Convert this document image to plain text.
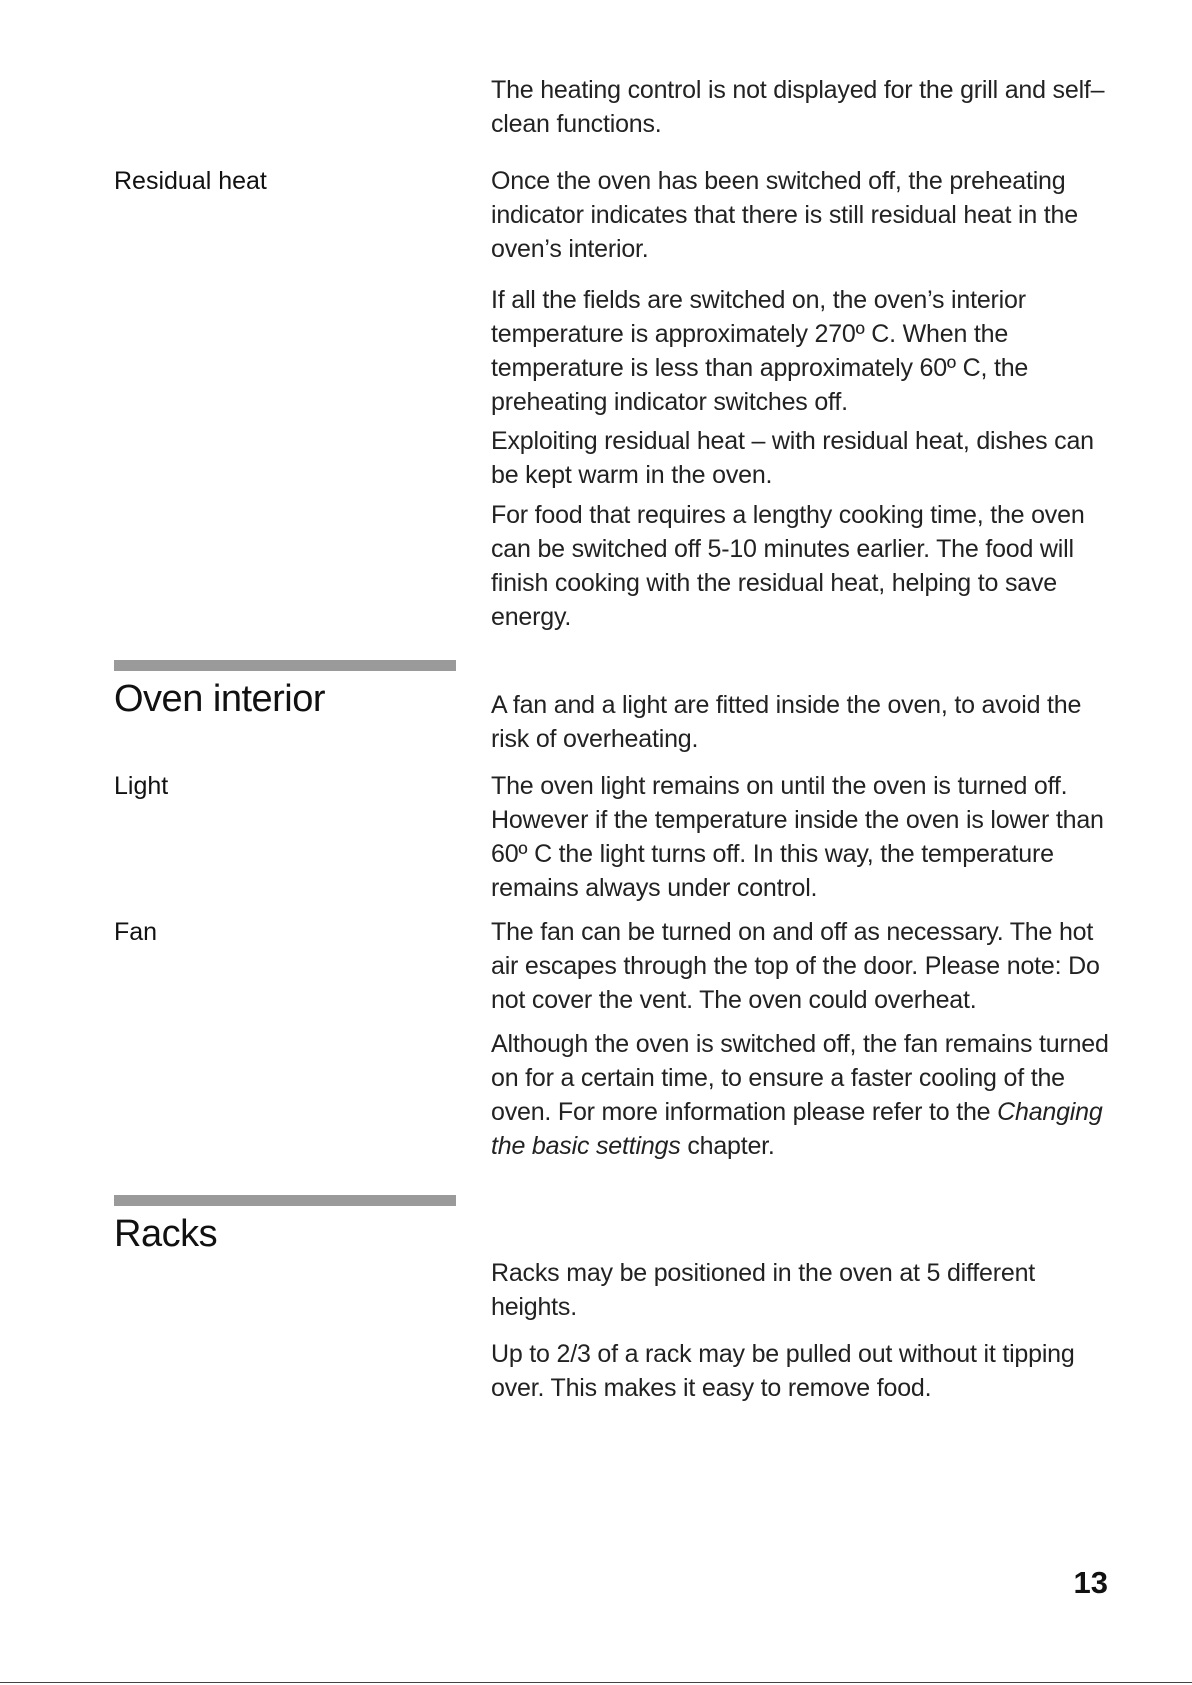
The heating control is not displayed for the grill and self–clean functions.

Residual heat	Once the oven has been switched off, the preheating indicator indicates that there is still residual heat in the oven’s interior.

If all the fields are switched on, the oven’s interior temperature is approximately 270º C. When the temperature is less than approximately 60º C, the preheating indicator switches off.

Exploiting residual heat – with residual heat, dishes can be kept warm in the oven.

For food that requires a lengthy cooking time, the oven can be switched off 5-10 minutes earlier. The food will finish cooking with the residual heat, helping to save energy.

Oven interior	A fan and a light are fitted inside the oven, to avoid the risk of overheating.

Light	The oven light remains on until the oven is turned off. However if the temperature inside the oven is lower than 60º C the light turns off. In this way, the temperature remains always under control.

Fan	The fan can be turned on and off as necessary. The hot air escapes through the top of the door. Please note: Do not cover the vent. The oven could overheat.

Although the oven is switched off, the fan remains turned on for a certain time, to ensure a faster cooling of the oven. For more information please refer to the Changing the basic settings chapter.

Racks

Racks may be positioned in the oven at 5 different heights.

Up to 2/3 of a rack may be pulled out without it tipping over. This makes it easy to remove food.

13
